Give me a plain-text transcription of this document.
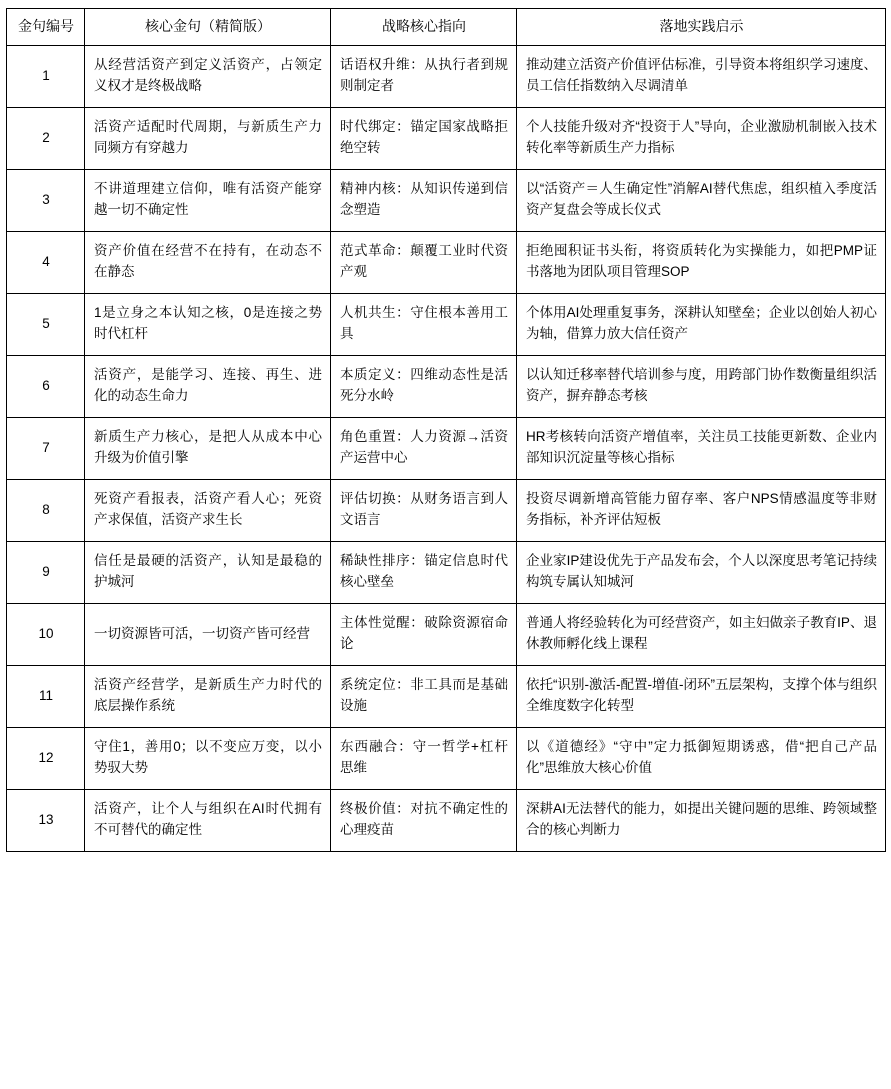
金句编号	核心金句（精简版）	战略核心指向	落地实践启示
1	从经营活资产到定义活资产，占领定义权才是终极战略	话语权升维：从执行者到规则制定者	推动建立活资产价值评估标准，引导资本将组织学习速度、员工信任指数纳入尽调清单
2	活资产适配时代周期，与新质生产力同频方有穿越力	时代绑定：锚定国家战略拒绝空转	个人技能升级对齐“投资于人”导向，企业激励机制嵌入技术转化率等新质生产力指标
3	不讲道理建立信仰，唯有活资产能穿越一切不确定性	精神内核：从知识传递到信念塑造	以“活资产＝人生确定性”消解AI替代焦虑，组织植入季度活资产复盘会等成长仪式
4	资产价值在经营不在持有，在动态不在静态	范式革命：颠覆工业时代资产观	拒绝囤积证书头衔，将资质转化为实操能力，如把PMP证书落地为团队项目管理SOP
5	1是立身之本认知之核，0是连接之势时代杠杆	人机共生：守住根本善用工具	个体用AI处理重复事务，深耕认知壁垒；企业以创始人初心为轴，借算力放大信任资产
6	活资产，是能学习、连接、再生、进化的动态生命力	本质定义：四维动态性是活死分水岭	以认知迁移率替代培训参与度，用跨部门协作数衡量组织活资产，摒弃静态考核
7	新质生产力核心，是把人从成本中心升级为价值引擎	角色重置：人力资源→活资产运营中心	HR考核转向活资产增值率，关注员工技能更新数、企业内部知识沉淀量等核心指标
8	死资产看报表，活资产看人心；死资产求保值，活资产求生长	评估切换：从财务语言到人文语言	投资尽调新增高管能力留存率、客户NPS情感温度等非财务指标，补齐评估短板
9	信任是最硬的活资产，认知是最稳的护城河	稀缺性排序：锚定信息时代核心壁垒	企业家IP建设优先于产品发布会，个人以深度思考笔记持续构筑专属认知城河
10	一切资源皆可活，一切资产皆可经营	主体性觉醒：破除资源宿命论	普通人将经验转化为可经营资产，如主妇做亲子教育IP、退休教师孵化线上课程
11	活资产经营学，是新质生产力时代的底层操作系统	系统定位：非工具而是基础设施	依托“识别-激活-配置-增值-闭环”五层架构，支撑个体与组织全维度数字化转型
12	守住1，善用0；以不变应万变，以小势驭大势	东西融合：守一哲学+杠杆思维	以《道德经》“守中”定力抵御短期诱惑，借“把自己产品化”思维放大核心价值
13	活资产，让个人与组织在AI时代拥有不可替代的确定性	终极价值：对抗不确定性的心理疫苗	深耕AI无法替代的能力，如提出关键问题的思维、跨领域整合的核心判断力
